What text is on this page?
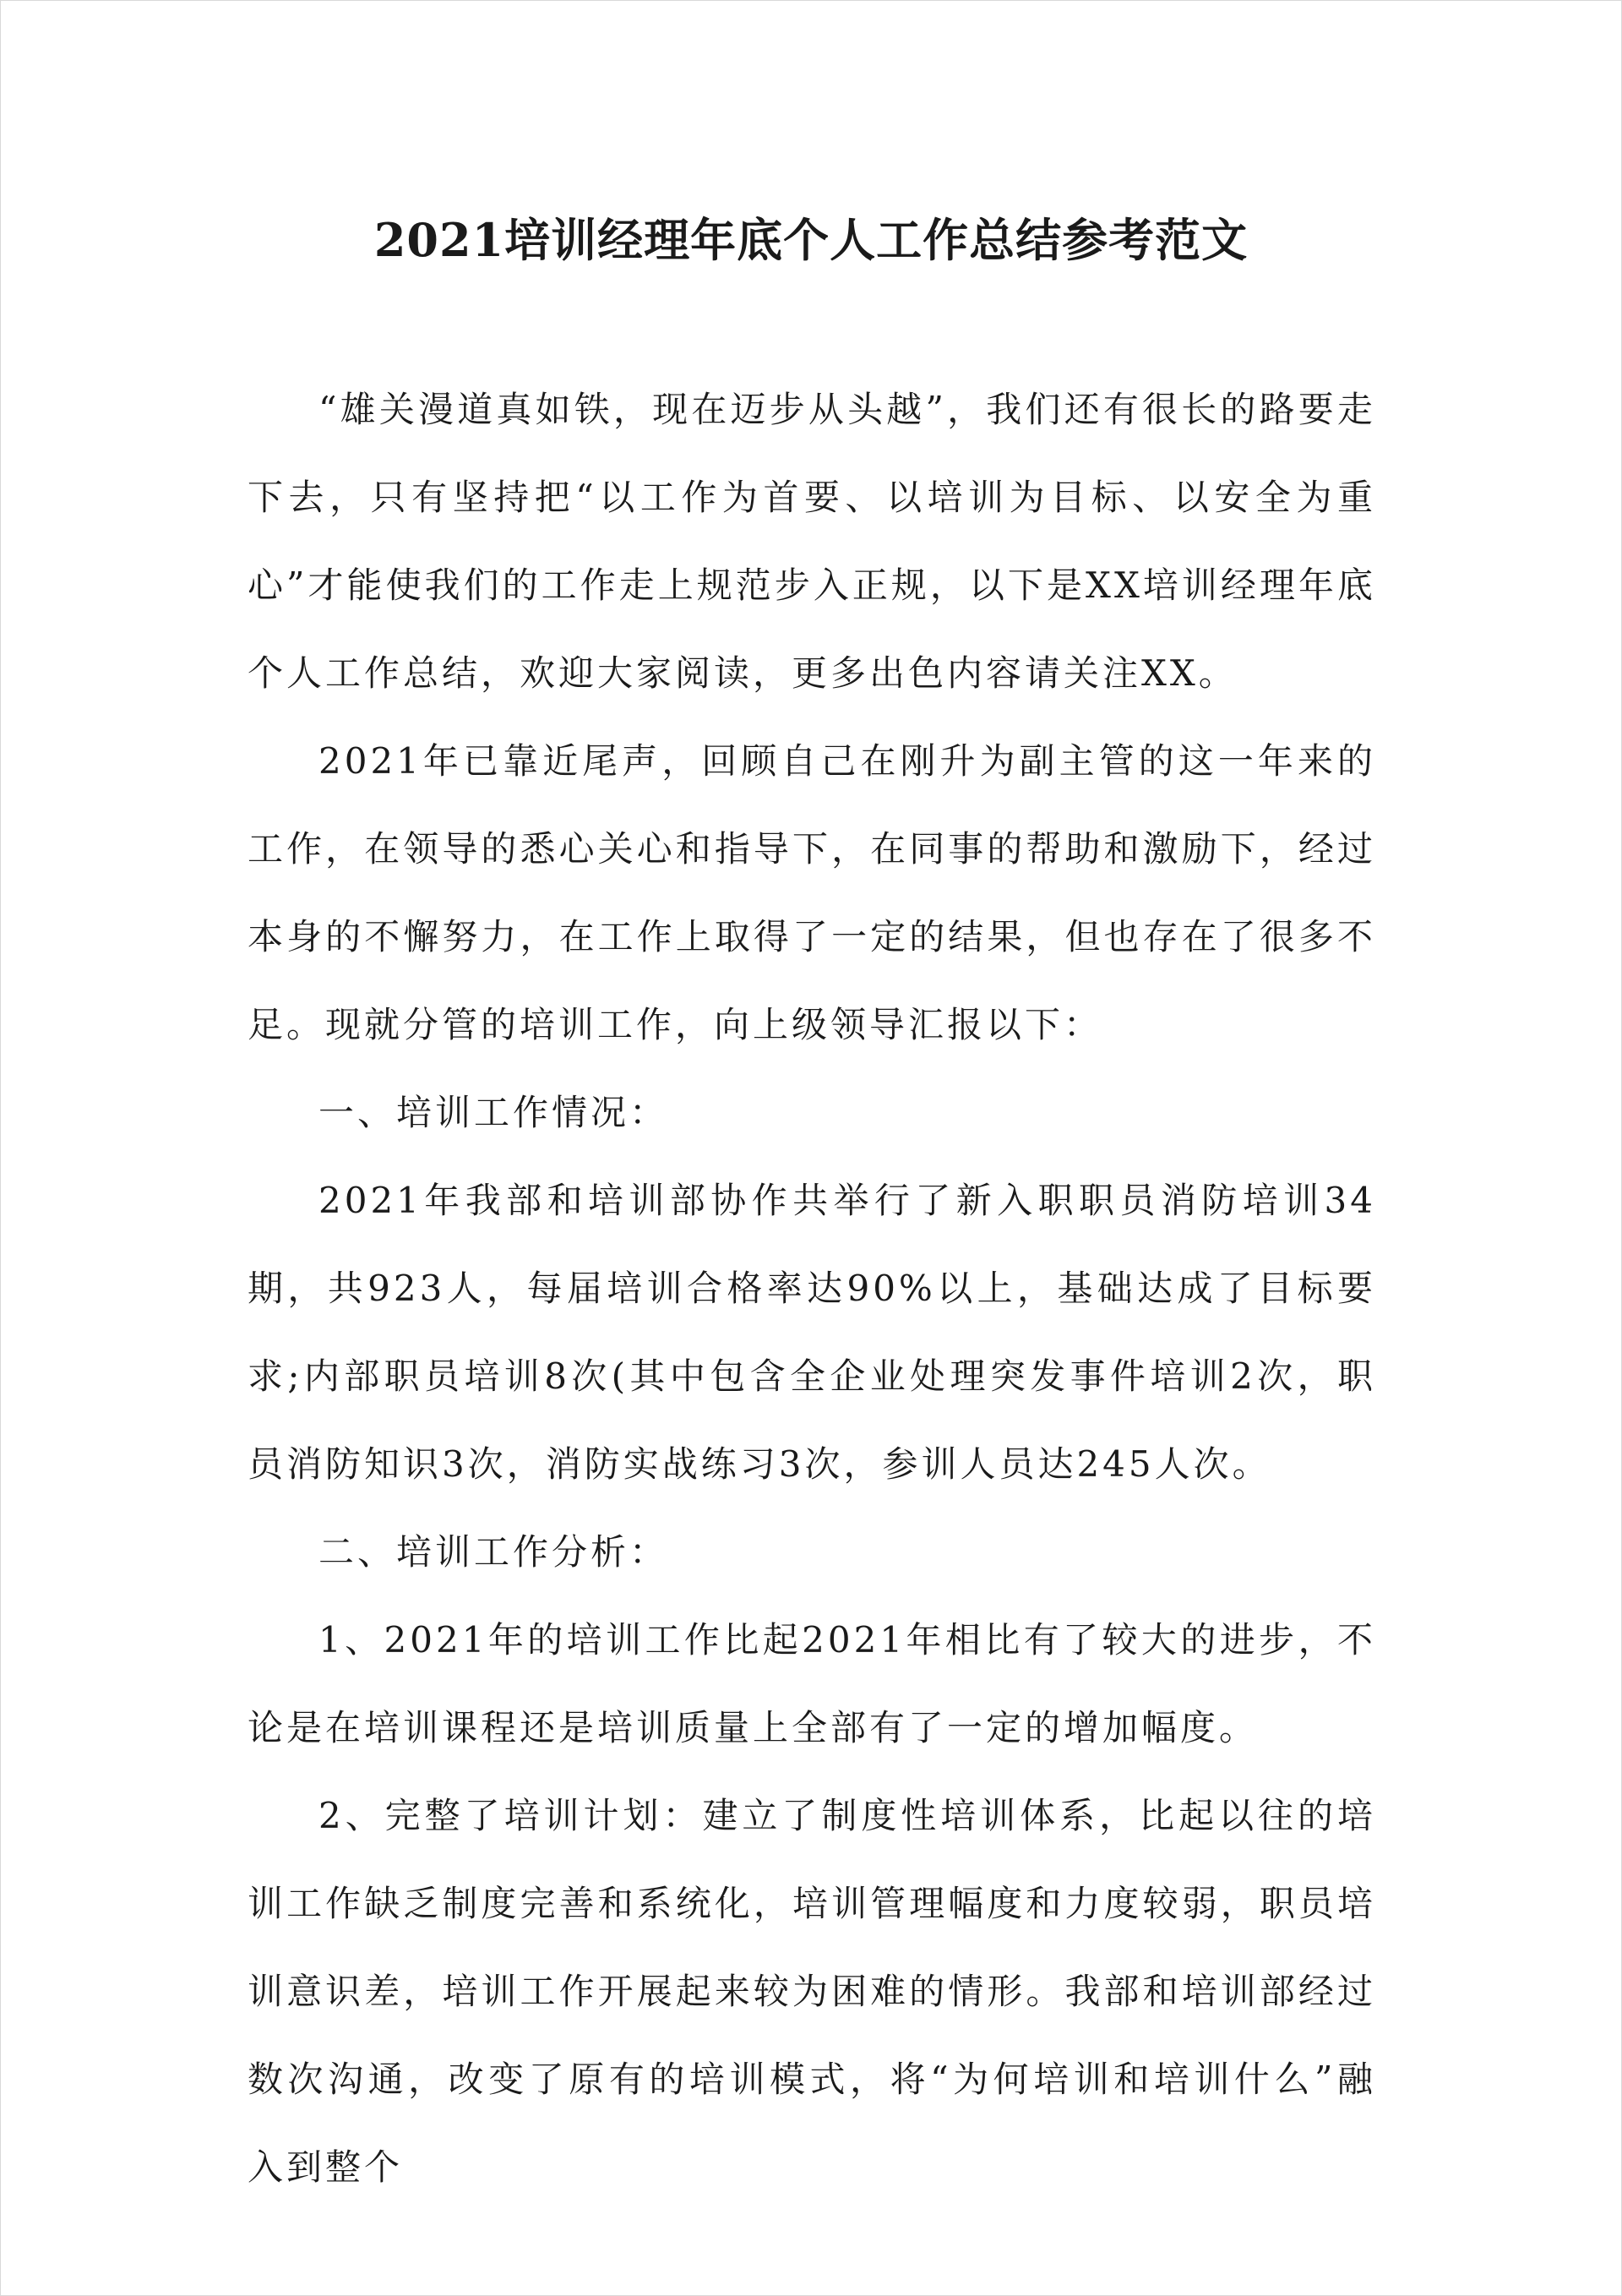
2021培训经理年底个人工作总结参考范文

“雄关漫道真如铁，现在迈步从头越”，我们还有很长的路要走下去，只有坚持把“以工作为首要、以培训为目标、以安全为重心”才能使我们的工作走上规范步入正规，以下是XX培训经理年底个人工作总结，欢迎大家阅读，更多出色内容请关注XX。

2021年已靠近尾声，回顾自己在刚升为副主管的这一年来的工作，在领导的悉心关心和指导下，在同事的帮助和激励下，经过本身的不懈努力，在工作上取得了一定的结果，但也存在了很多不足。现就分管的培训工作，向上级领导汇报以下：

一、培训工作情况：

2021年我部和培训部协作共举行了新入职职员消防培训34期，共923人，每届培训合格率达90%以上，基础达成了目标要求;内部职员培训8次(其中包含全企业处理突发事件培训2次，职员消防知识3次，消防实战练习3次，参训人员达245人次。

二、培训工作分析：

1、2021年的培训工作比起2021年相比有了较大的进步，不论是在培训课程还是培训质量上全部有了一定的增加幅度。

2、完整了培训计划：建立了制度性培训体系，比起以往的培训工作缺乏制度完善和系统化，培训管理幅度和力度较弱，职员培训意识差，培训工作开展起来较为困难的情形。我部和培训部经过数次沟通，改变了原有的培训模式，将“为何培训和培训什么”融入到整个
